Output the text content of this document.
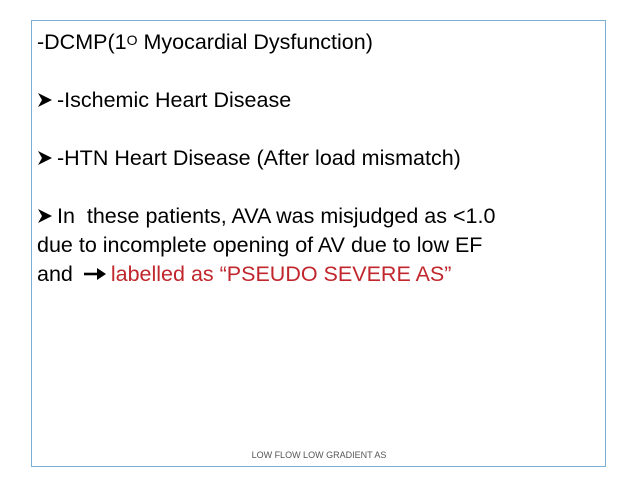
$-DCMP(1^O$ Myocardial Dysfunction)

-Ischemic Heart Disease

-HTN Heart Disease (After load mismatch)

In  these patients, AVA was misjudged as <1.0

due to incomplete opening of AV due to low EF

and labelled as “PSEUDO SEVERE AS”

LOW FLOW LOW GRADIENT AS
